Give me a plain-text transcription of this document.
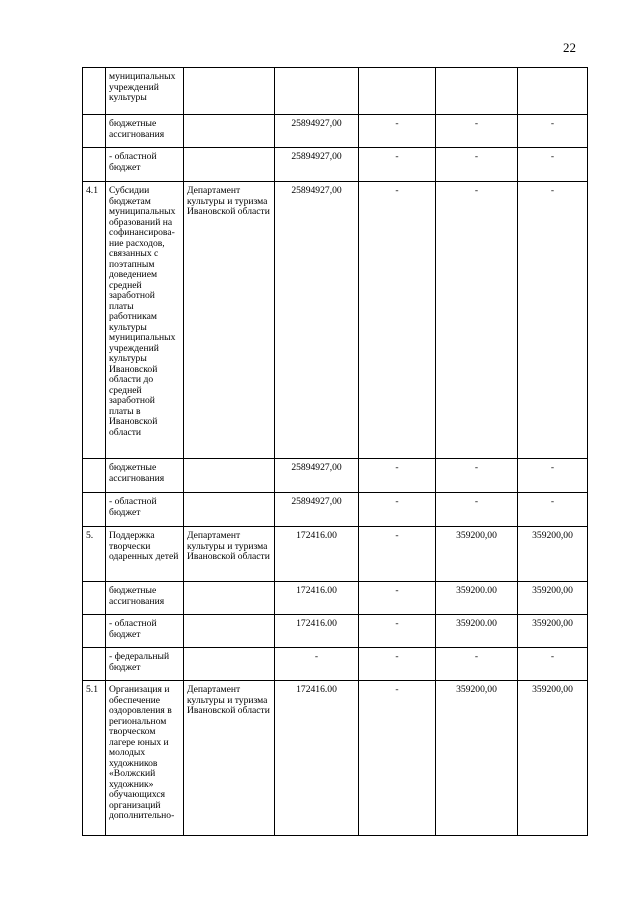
22
	муниципальных учреждений культуры					
	бюджетные ассигнования		25894927,00	-	-	-
	- областной бюджет		25894927,00	-	-	-
4.1	Субсидии бюджетам муниципальных образований на софинансирова-ние расходов, связанных с поэтапным доведением средней заработной платы работникам культуры муниципальных учреждений культуры Ивановской области до средней заработной платы в Ивановской области	Департамент культуры и туризма Ивановской области	25894927,00	-	-	-
	бюджетные ассигнования		25894927,00	-	-	-
	- областной бюджет		25894927,00	-	-	-
5.	Поддержка творчески одаренных детей	Департамент культуры и туризма Ивановской области	172416.00	-	359200,00	359200,00
	бюджетные ассигнования		172416.00	-	359200.00	359200,00
	- областной бюджет		172416.00	-	359200.00	359200,00
	- федеральный бюджет		-	-	-	-
5.1	Организация и обеспечение оздоровления в региональном творческом лагере юных и молодых художников «Волжский художник» обучающихся организаций дополнительно-	Департамент культуры и туризма Ивановской области	172416.00	-	359200,00	359200,00
